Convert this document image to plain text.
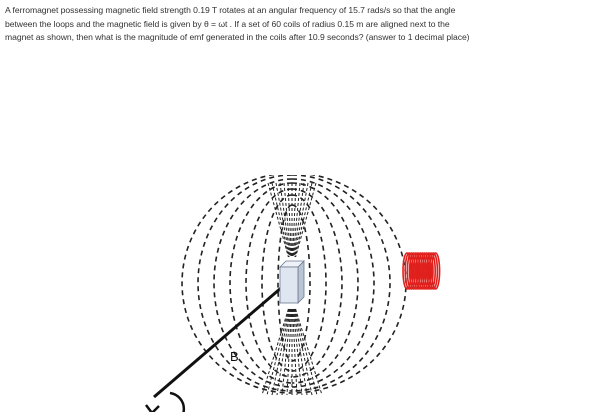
A ferromagnet possessing magnetic field strength 0.19 T rotates at an angular frequency of 15.7 rads/s so that the angle
between the loops and the magnetic field is given by θ = ωt . If a set of 60 coils of radius 0.15 m are aligned next to the
magnet as shown, then what is the magnitude of emf generated in the coils after 10.9 seconds? (answer to 1 decimal place)
B
